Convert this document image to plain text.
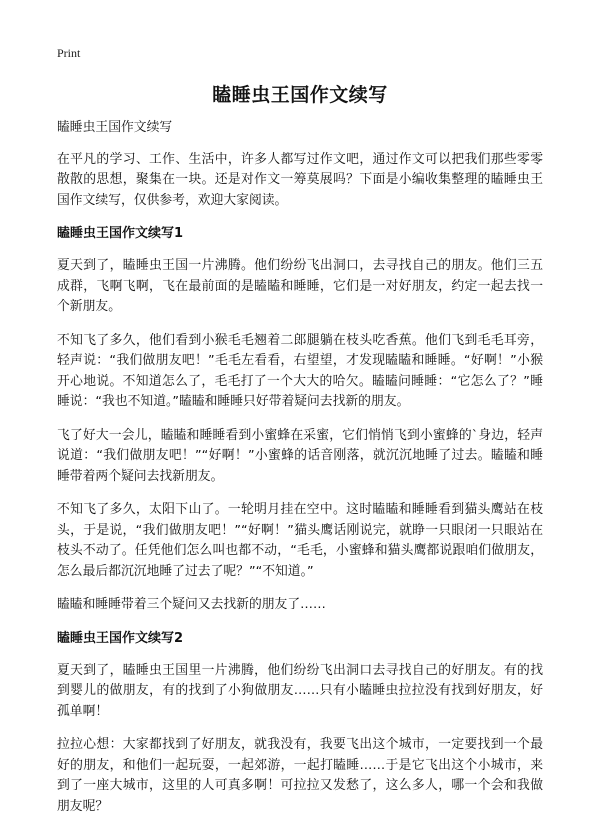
Print
瞌睡虫王国作文续写

瞌睡虫王国作文续写

在平凡的学习、工作、生活中，许多人都写过作文吧，通过作文可以把我们那些零零散散的思想，聚集在一块。还是对作文一筹莫展吗？下面是小编收集整理的瞌睡虫王国作文续写，仅供参考，欢迎大家阅读。

瞌睡虫王国作文续写1

夏天到了，瞌睡虫王国一片沸腾。他们纷纷飞出洞口，去寻找自己的朋友。他们三五成群，飞啊飞啊，飞在最前面的是瞌瞌和睡睡，它们是一对好朋友，约定一起去找一个新朋友。

不知飞了多久，他们看到小猴毛毛翘着二郎腿躺在枝头吃香蕉。他们飞到毛毛耳旁，轻声说：“我们做朋友吧！”毛毛左看看，右望望，才发现瞌瞌和睡睡。“好啊！”小猴开心地说。不知道怎么了，毛毛打了一个大大的哈欠。瞌瞌问睡睡：“它怎么了？”睡睡说：“我也不知道。”瞌瞌和睡睡只好带着疑问去找新的朋友。

飞了好大一会儿，瞌瞌和睡睡看到小蜜蜂在采蜜，它们悄悄飞到小蜜蜂的`身边，轻声说道：“我们做朋友吧！”“好啊！”小蜜蜂的话音刚落，就沉沉地睡了过去。瞌瞌和睡睡带着两个疑问去找新朋友。

不知飞了多久，太阳下山了。一轮明月挂在空中。这时瞌瞌和睡睡看到猫头鹰站在枝头，于是说，“我们做朋友吧！”“好啊！”猫头鹰话刚说完，就睁一只眼闭一只眼站在枝头不动了。任凭他们怎么叫也都不动，“毛毛，小蜜蜂和猫头鹰都说跟咱们做朋友，怎么最后都沉沉地睡了过去了呢？”“不知道。”

瞌瞌和睡睡带着三个疑问又去找新的朋友了……

瞌睡虫王国作文续写2

夏天到了，瞌睡虫王国里一片沸腾，他们纷纷飞出洞口去寻找自己的好朋友。有的找到婴儿的做朋友，有的找到了小狗做朋友……只有小瞌睡虫拉拉没有找到好朋友，好孤单啊！

拉拉心想：大家都找到了好朋友，就我没有，我要飞出这个城市，一定要找到一个最好的朋友，和他们一起玩耍，一起郊游，一起打瞌睡……于是它飞出这个小城市，来到了一座大城市，这里的人可真多啊！可拉拉又发愁了，这么多人，哪一个会和我做朋友呢？
